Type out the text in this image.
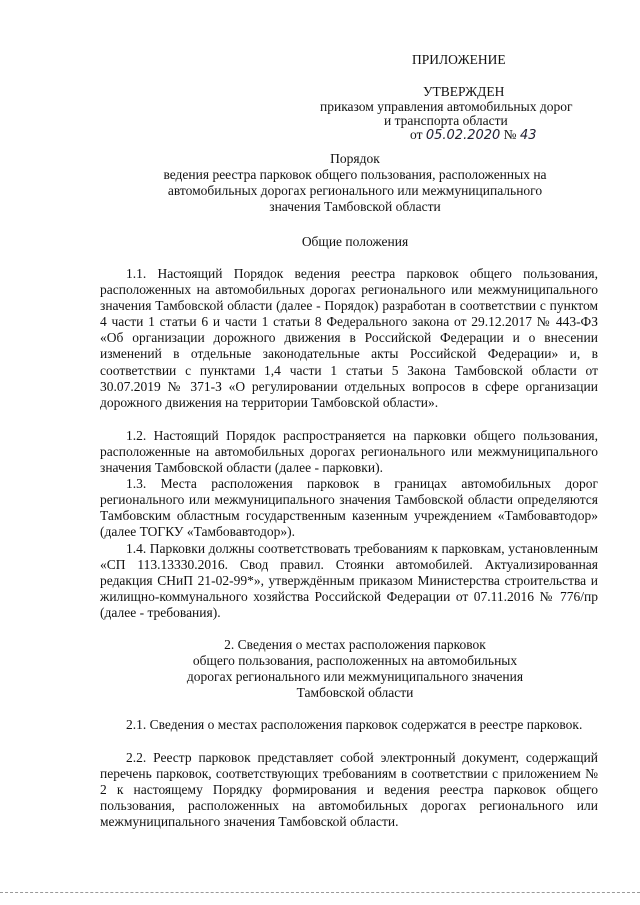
ПРИЛОЖЕНИЕ
УТВЕРЖДЕН
приказом управления автомобильных дорог
и транспорта области
от 05.02.2020 № 43
Порядок
ведения реестра парковок общего пользования, расположенных на
автомобильных дорогах регионального или межмуниципального
значения Тамбовской области
Общие положения
1.1. Настоящий Порядок ведения реестра парковок общего пользования, расположенных на автомобильных дорогах регионального или межмуниципального значения Тамбовской области (далее - Порядок) разработан в соответствии с пунктом 4 части 1 статьи 6 и части 1 статьи 8 Федерального закона от 29.12.2017 № 443-ФЗ «Об организации дорожного движения в Российской Федерации и о внесении изменений в отдельные законодательные акты Российской Федерации» и, в соответствии с пунктами 1,4 части 1 статьи 5 Закона Тамбовской области от 30.07.2019 № 371-З «О регулировании отдельных вопросов в сфере организации дорожного движения на территории Тамбовской области».
1.2. Настоящий Порядок распространяется на парковки общего пользования, расположенные на автомобильных дорогах регионального или межмуниципального значения Тамбовской области (далее - парковки).
1.3. Места расположения парковок в границах автомобильных дорог регионального или межмуниципального значения Тамбовской области определяются Тамбовским областным государственным казенным учреждением «Тамбовавтодор» (далее ТОГКУ «Тамбовавтодор»).
1.4. Парковки должны соответствовать требованиям к парковкам, установленным «СП 113.13330.2016. Свод правил. Стоянки автомобилей. Актуализированная редакция СНиП 21-02-99*», утверждённым приказом Министерства строительства и жилищно-коммунального хозяйства Российской Федерации от 07.11.2016 № 776/пр (далее - требования).
2. Сведения о местах расположения парковок
общего пользования, расположенных на автомобильных
дорогах регионального или межмуниципального значения
Тамбовской области
2.1. Сведения о местах расположения парковок содержатся в реестре парковок.
2.2. Реестр парковок представляет собой электронный документ, содержащий перечень парковок, соответствующих требованиям в соответствии с приложением № 2 к настоящему Порядку формирования и ведения реестра парковок общего пользования, расположенных на автомобильных дорогах регионального или межмуниципального значения Тамбовской области.
